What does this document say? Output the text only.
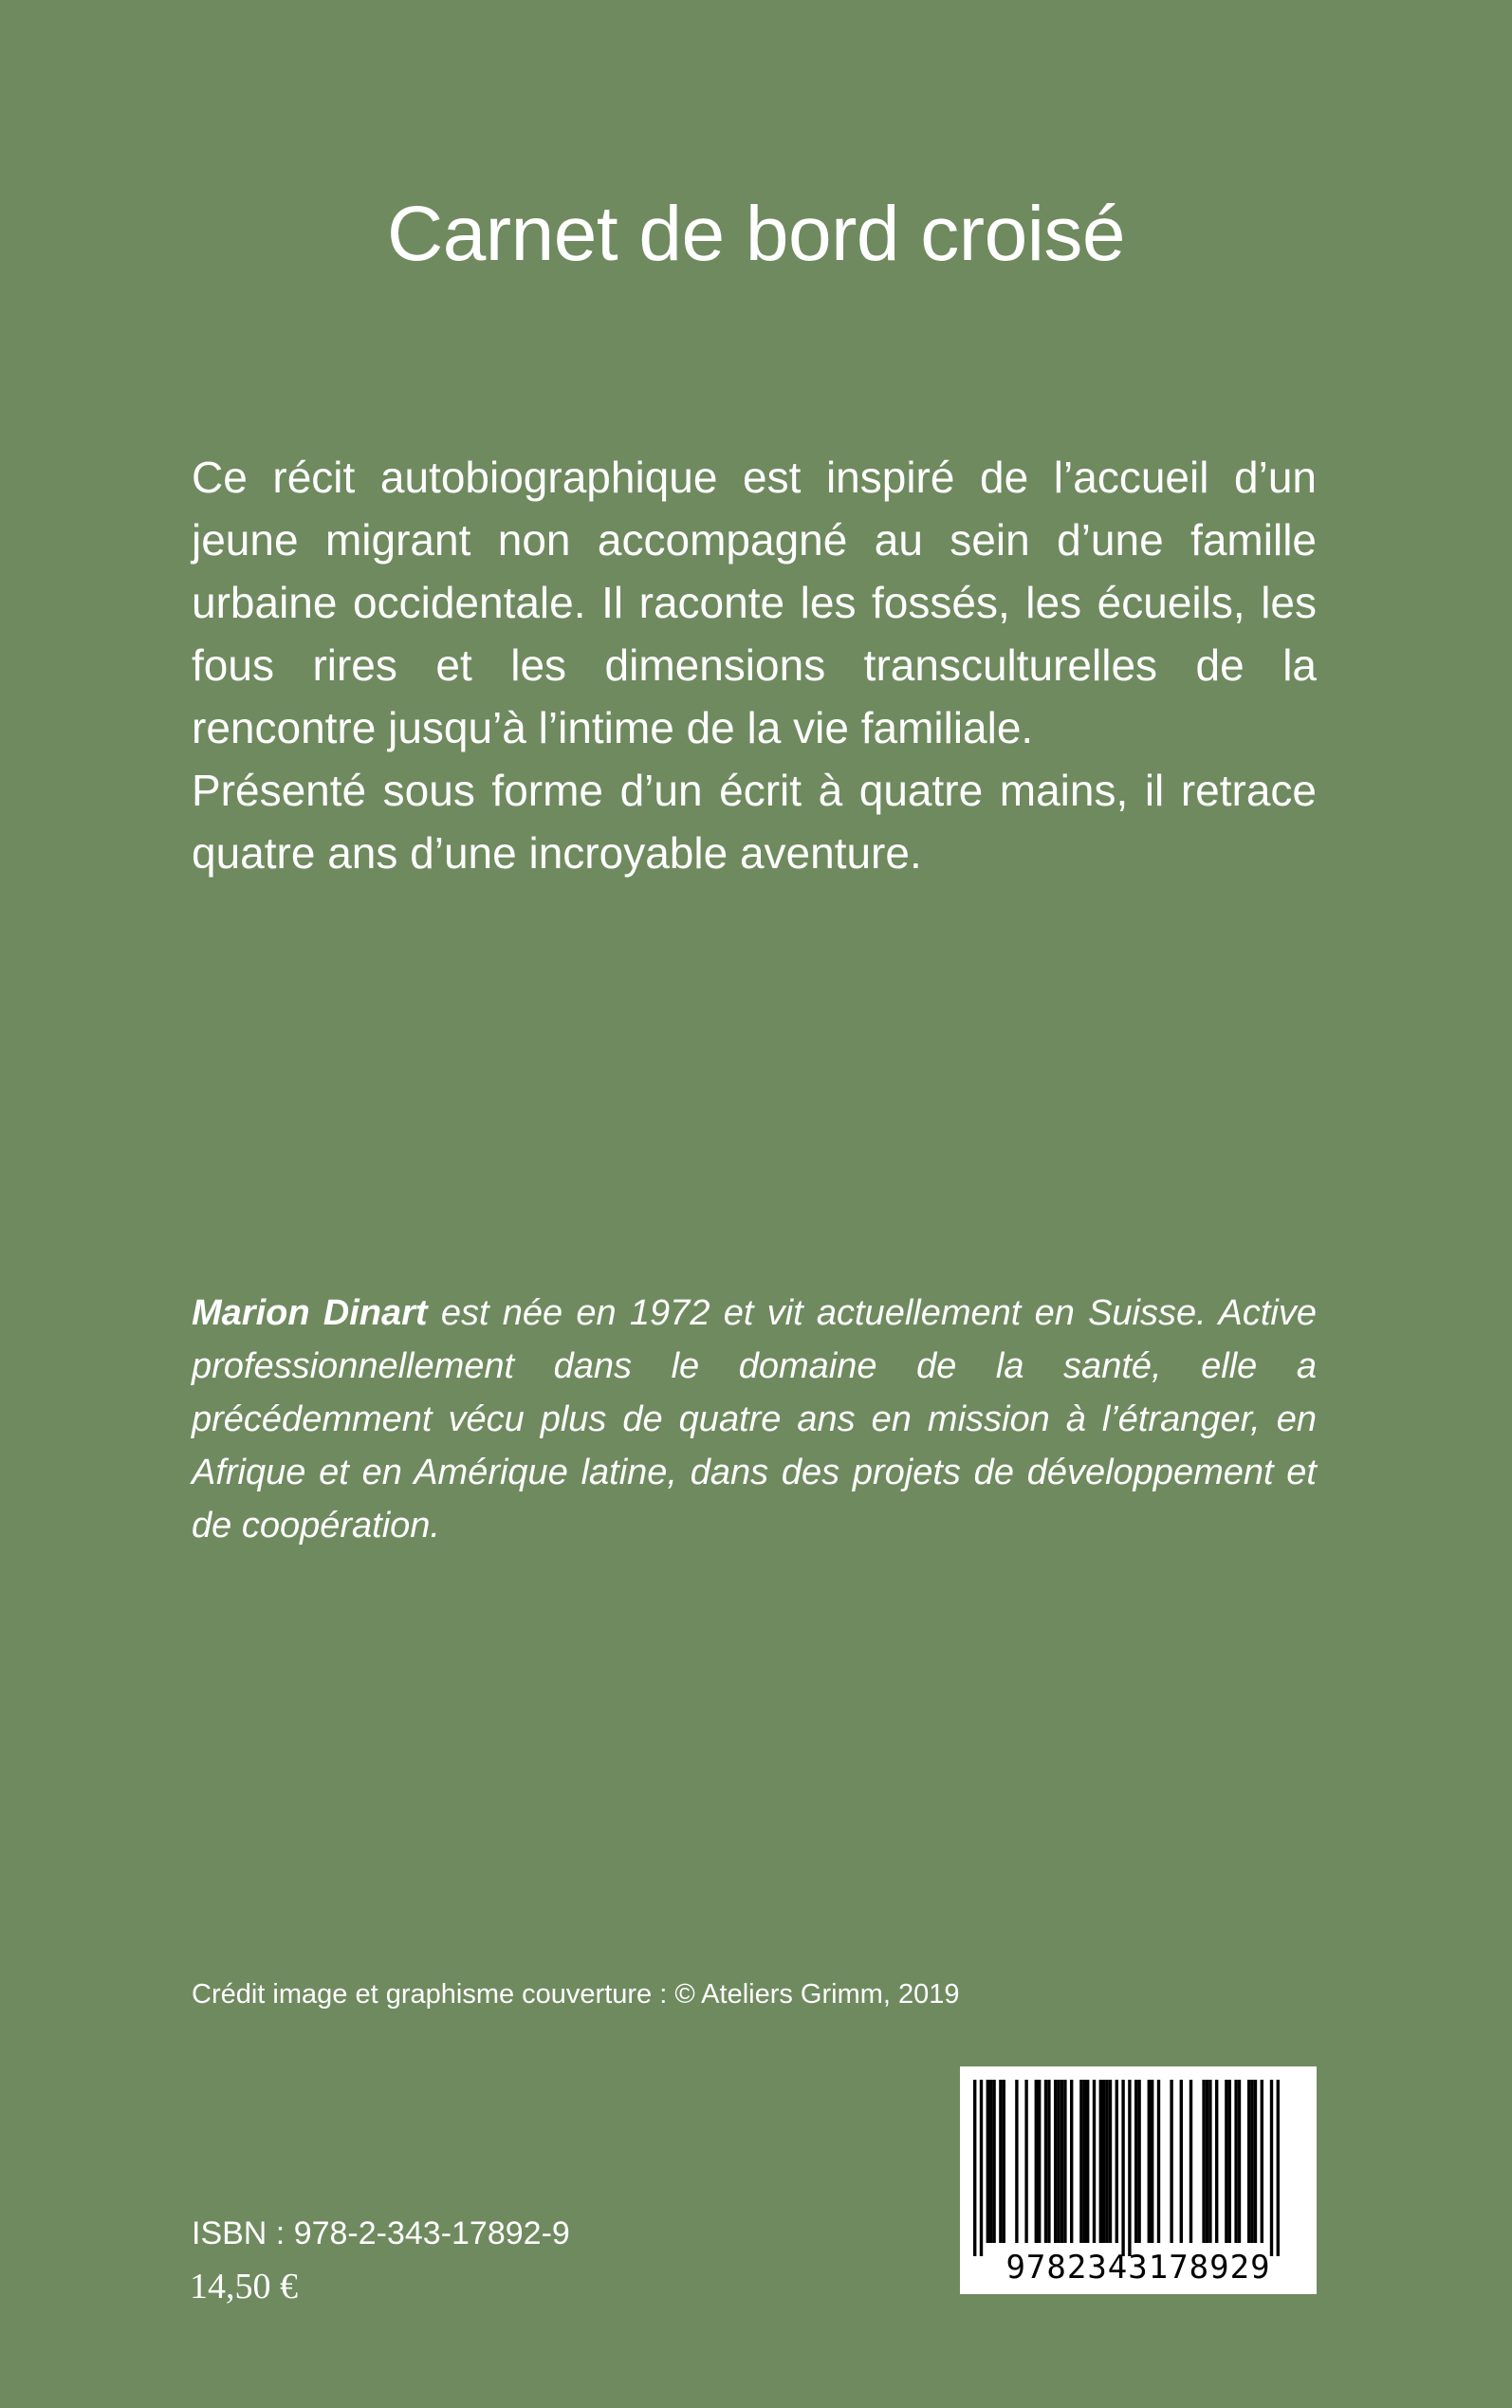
Carnet de bord croisé

Ce récit autobiographique est inspiré de l’accueil d’un jeune migrant non accompagné au sein d’une famille urbaine occidentale. Il raconte les fossés, les écueils, les fous rires et les dimensions transculturelles de la rencontre jusqu’à l’intime de la vie familiale.

Présenté sous forme d’un écrit à quatre mains, il retrace quatre ans d’une incroyable aventure.

Marion Dinart est née en 1972 et vit actuellement en Suisse. Active professionnellement dans le domaine de la santé, elle a précédemment vécu plus de quatre ans en mission à l’étranger, en Afrique et en Amérique latine, dans des projets de développement et de coopération.

Crédit image et graphisme couverture : © Ateliers Grimm, 2019

9782343178929

ISBN : 978-2-343-17892-9

14,50 €
